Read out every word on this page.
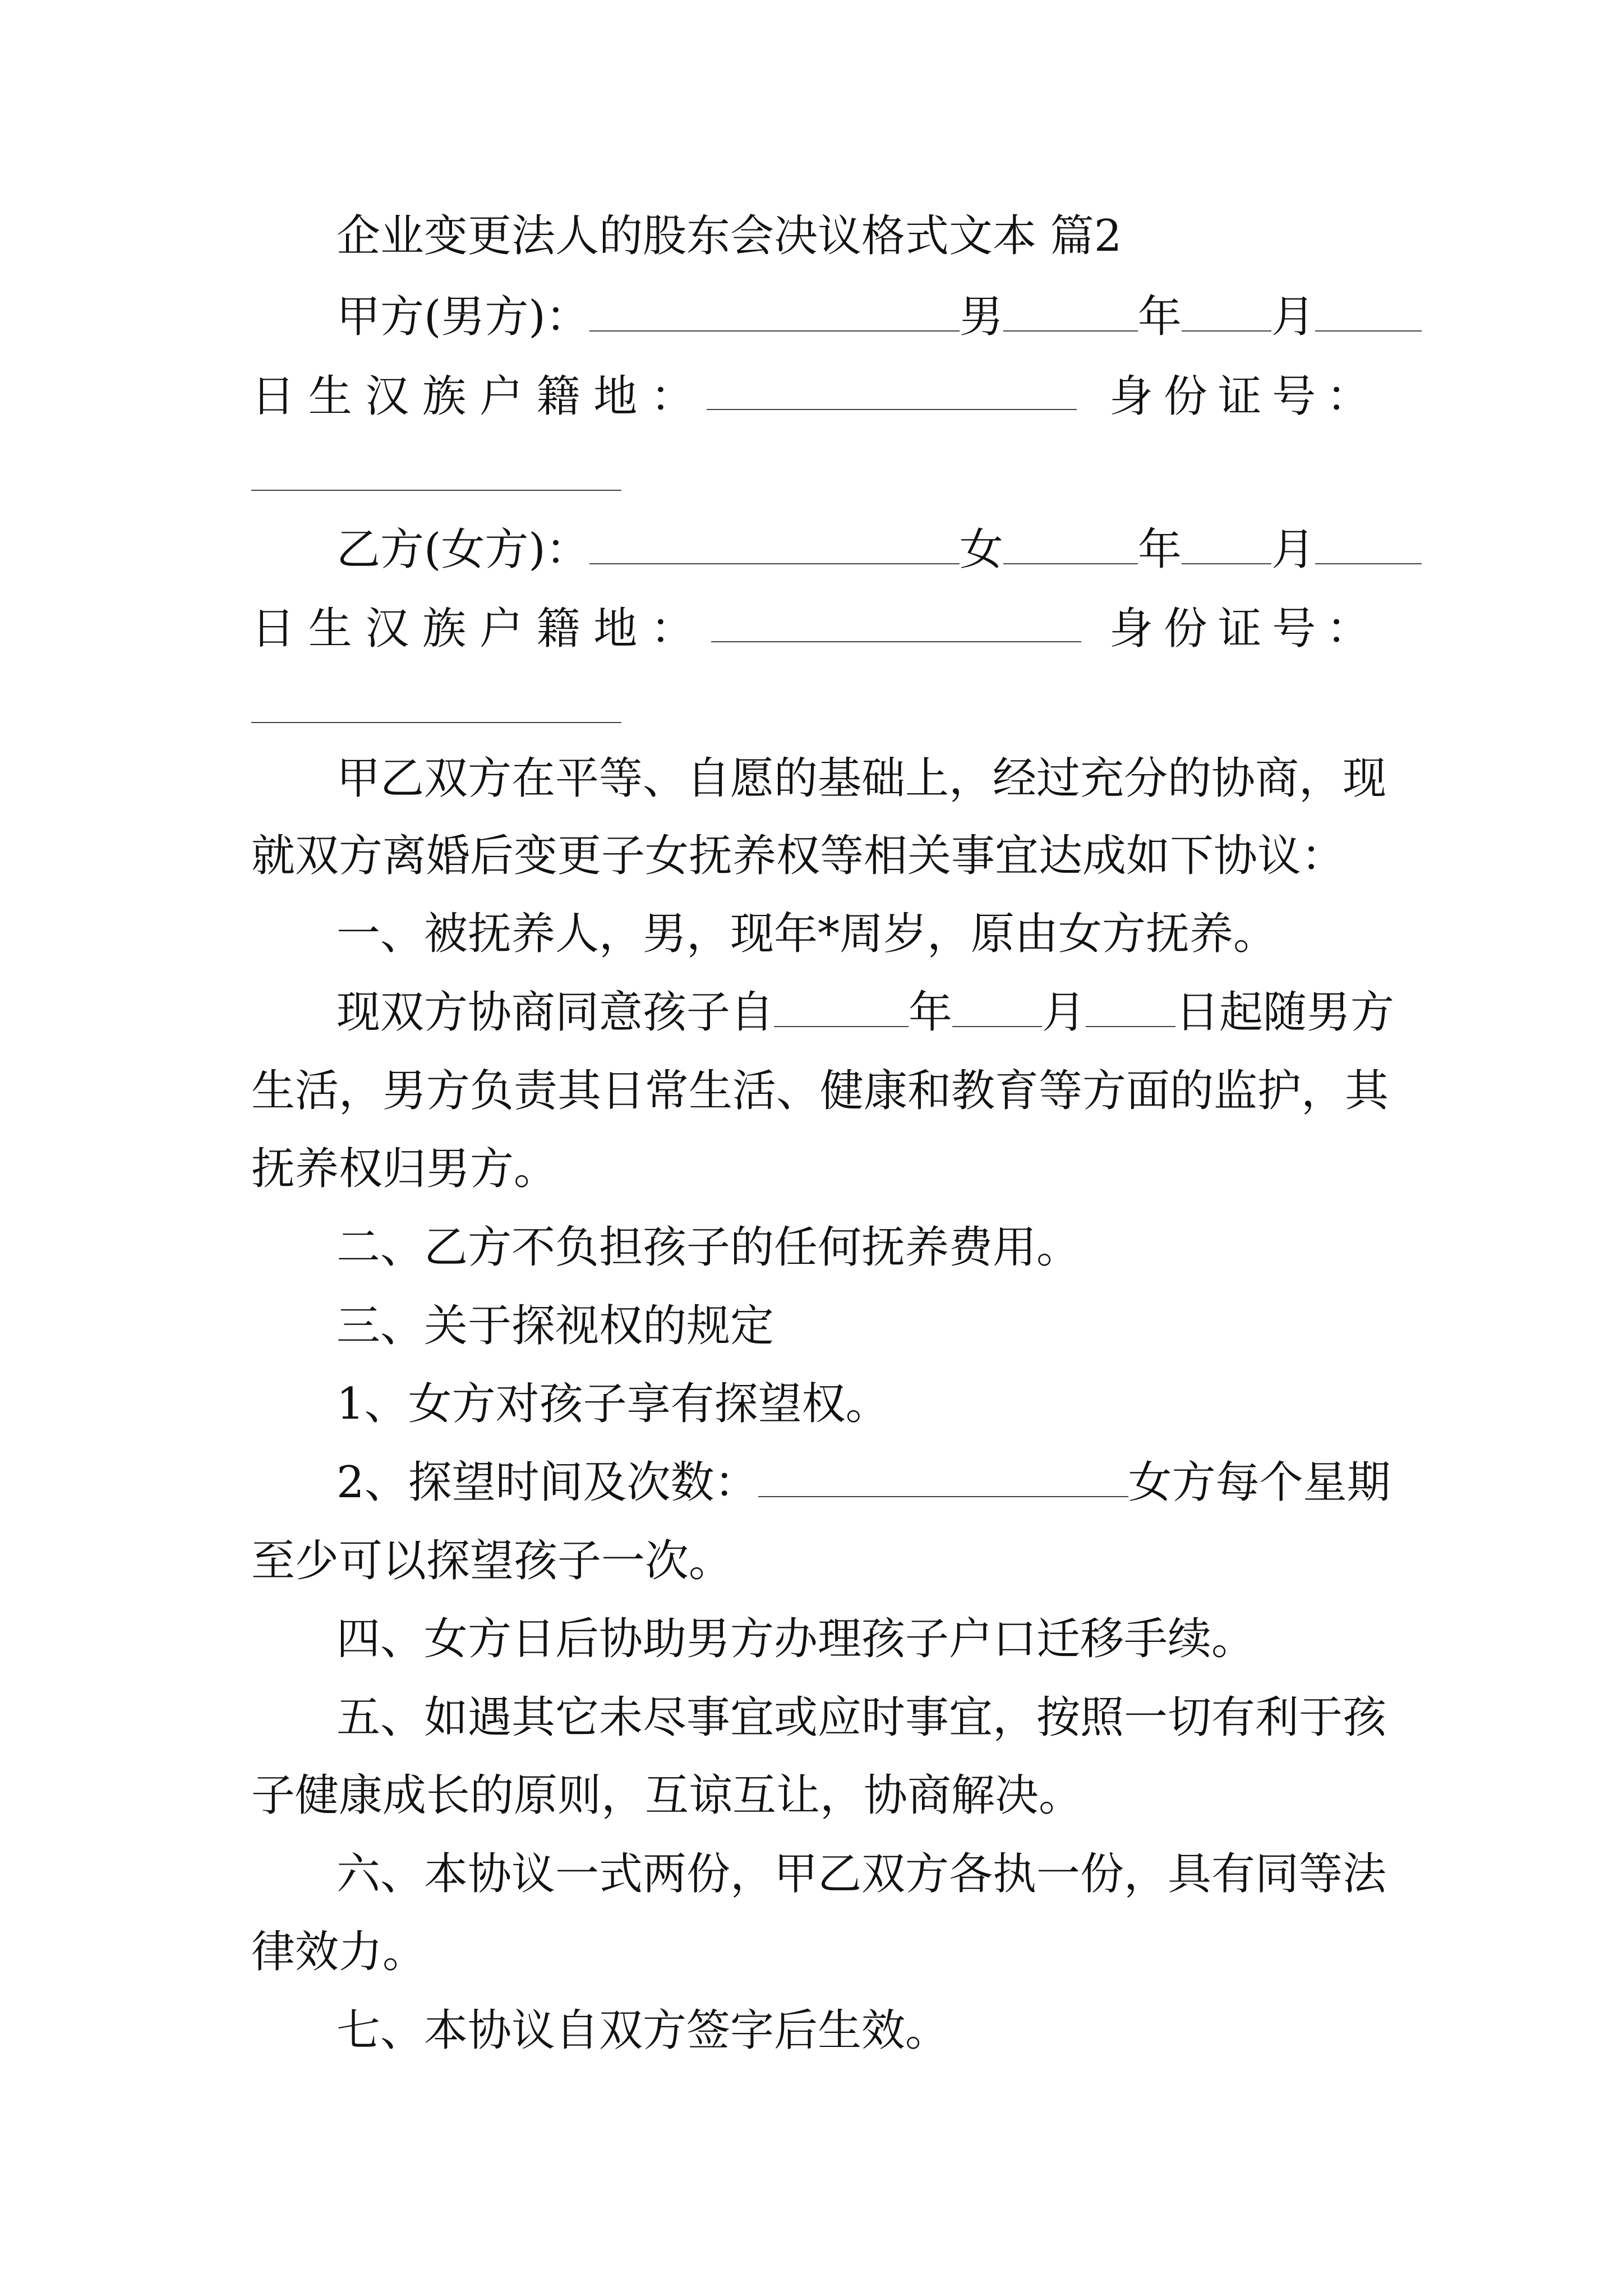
企业变更法人的股东会决议格式文本 篇2
甲方(男方)：	男	年 月
日 生 汉 族 户 籍 地 ：	身 份 证 号 ：
乙方(女方)：	女	年 月
日 生 汉 族 户 籍 地 ：	身 份 证 号 ：
甲乙双方在平等、自愿的基础上，经过充分的协商，现
就双方离婚后变更子女抚养权等相关事宜达成如下协议：
一、被抚养人，男，现年*周岁，原由女方抚养。
现双方协商同意孩子自	年 月 日起随男方
生活，男方负责其日常生活、健康和教育等方面的监护，其
抚养权归男方。
二、乙方不负担孩子的任何抚养费用。
三、关于探视权的规定
1、女方对孩子享有探望权。
2、探望时间及次数：	女方每个星期
至少可以探望孩子一次。
四、女方日后协助男方办理孩子户口迁移手续。
五、如遇其它未尽事宜或应时事宜，按照一切有利于孩
子健康成长的原则，互谅互让，协商解决。
六、本协议一式两份，甲乙双方各执一份，具有同等法
律效力。
七、本协议自双方签字后生效。
